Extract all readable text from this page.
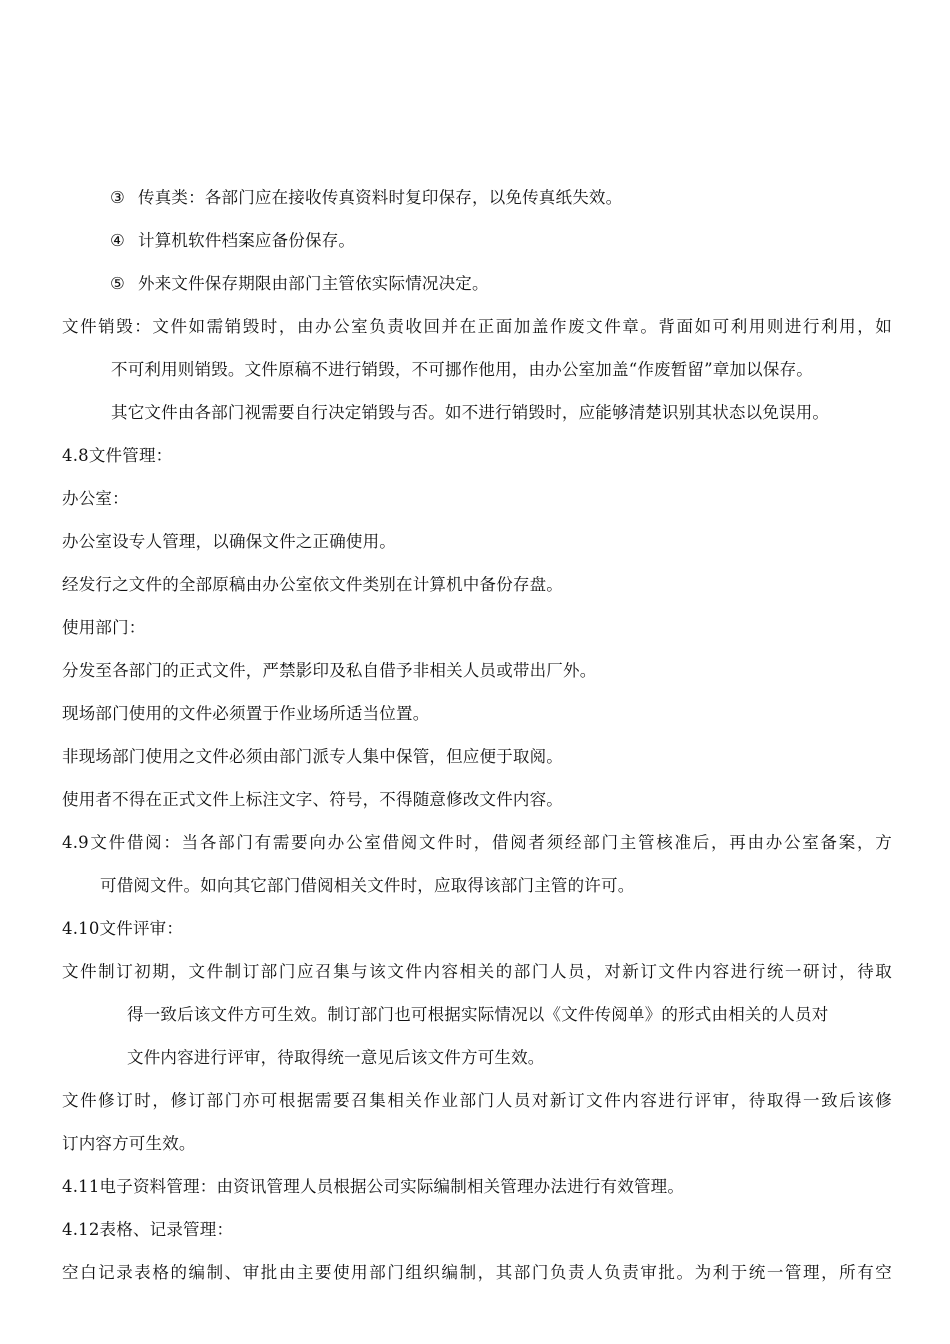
③ 传真类：各部门应在接收传真资料时复印保存，以免传真纸失效。
④ 计算机软件档案应备份保存。
⑤ 外来文件保存期限由部门主管依实际情况决定。
文件销毁：文件如需销毁时，由办公室负责收回并在正面加盖作废文件章。背面如可利用则进行利用，如
不可利用则销毁。文件原稿不进行销毁，不可挪作他用，由办公室加盖“作废暂留”章加以保存。
其它文件由各部门视需要自行决定销毁与否。如不进行销毁时，应能够清楚识别其状态以免误用。
4.8文件管理：
办公室：
办公室设专人管理，以确保文件之正确使用。
经发行之文件的全部原稿由办公室依文件类别在计算机中备份存盘。
使用部门：
分发至各部门的正式文件，严禁影印及私自借予非相关人员或带出厂外。
现场部门使用的文件必须置于作业场所适当位置。
非现场部门使用之文件必须由部门派专人集中保管，但应便于取阅。
使用者不得在正式文件上标注文字、符号，不得随意修改文件内容。
4.9文件借阅：当各部门有需要向办公室借阅文件时，借阅者须经部门主管核准后，再由办公室备案，方
可借阅文件。如向其它部门借阅相关文件时，应取得该部门主管的许可。
4.10文件评审：
文件制订初期，文件制订部门应召集与该文件内容相关的部门人员，对新订文件内容进行统一研讨，待取
得一致后该文件方可生效。制订部门也可根据实际情况以《文件传阅单》的形式由相关的人员对
文件内容进行评审，待取得统一意见后该文件方可生效。
文件修订时，修订部门亦可根据需要召集相关作业部门人员对新订文件内容进行评审，待取得一致后该修
订内容方可生效。
4.11电子资料管理：由资讯管理人员根据公司实际编制相关管理办法进行有效管理。
4.12表格、记录管理：
空白记录表格的编制、审批由主要使用部门组织编制，其部门负责人负责审批。为利于统一管理，所有空
